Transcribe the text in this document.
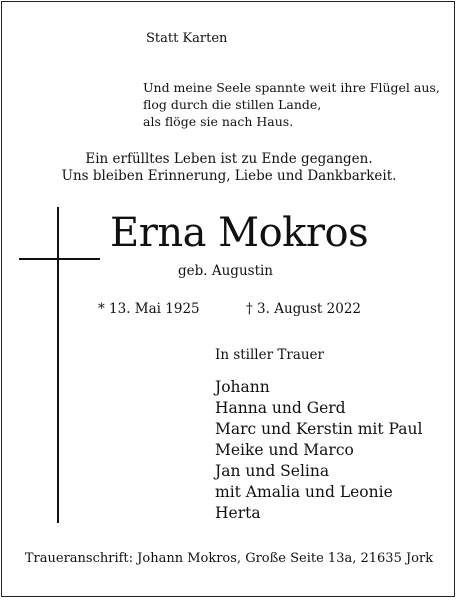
Statt Karten
Und meine Seele spannte weit ihre Flügel aus,
flog durch die stillen Lande,
als flöge sie nach Haus.
Ein erfülltes Leben ist zu Ende gegangen.
Uns bleiben Erinnerung, Liebe und Dankbarkeit.
Erna Mokros
geb. Augustin
* 13. Mai 1925	† 3. August 2022
In stiller Trauer
Johann
Hanna und Gerd
Marc und Kerstin mit Paul
Meike und Marco
Jan und Selina
mit Amalia und Leonie
Herta
Traueranschrift: Johann Mokros, Große Seite 13a, 21635 Jork
